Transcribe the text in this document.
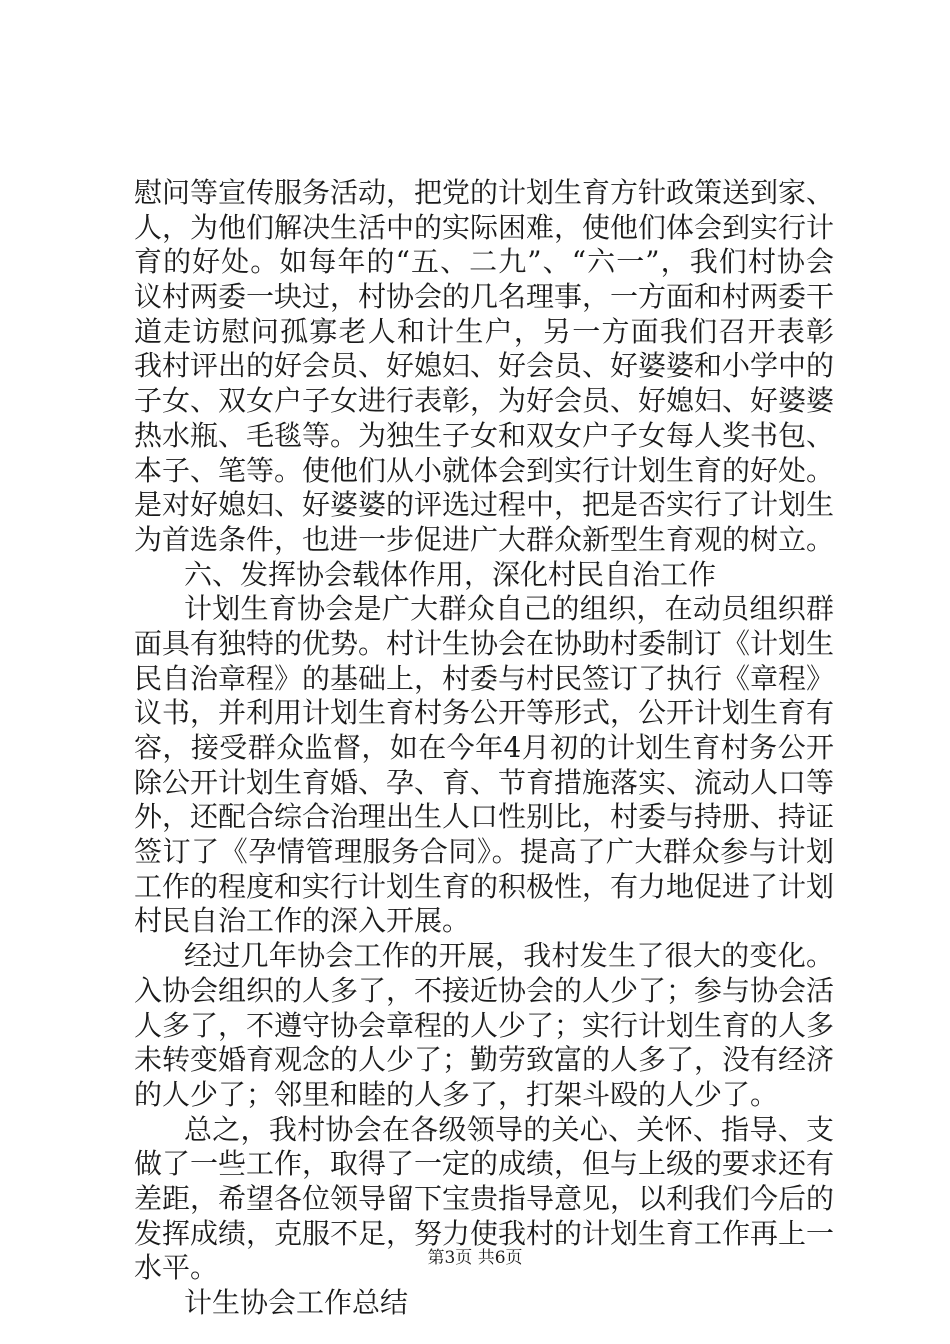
慰问等宣传服务活动，把党的计划生育方针政策送到家、
人，为他们解决生活中的实际困难，使他们体会到实行计
育的好处。如每年的“五、二九”、“六一”，我们村协会
议村两委一块过，村协会的几名理事，一方面和村两委干
道走访慰问孤寡老人和计生户，另一方面我们召开表彰
我村评出的好会员、好媳妇、好会员、好婆婆和小学中的
子女、双女户子女进行表彰，为好会员、好媳妇、好婆婆
热水瓶、毛毯等。为独生子女和双女户子女每人奖书包、
本子、笔等。使他们从小就体会到实行计划生育的好处。
是对好媳妇、好婆婆的评选过程中，把是否实行了计划生
为首选条件，也进一步促进广大群众新型生育观的树立。
六、发挥协会载体作用，深化村民自治工作
计划生育协会是广大群众自己的组织，在动员组织群
面具有独特的优势。村计生协会在协助村委制订《计划生
民自治章程》的基础上，村委与村民签订了执行《章程》
议书，并利用计划生育村务公开等形式，公开计划生育有
容，接受群众监督，如在今年4月初的计划生育村务公开
除公开计划生育婚、孕、育、节育措施落实、流动人口等
外，还配合综合治理出生人口性别比，村委与持册、持证
签订了《孕情管理服务合同》。提高了广大群众参与计划
工作的程度和实行计划生育的积极性，有力地促进了计划
村民自治工作的深入开展。
经过几年协会工作的开展，我村发生了很大的变化。
入协会组织的人多了，不接近协会的人少了；参与协会活
人多了，不遵守协会章程的人少了；实行计划生育的人多
未转变婚育观念的人少了；勤劳致富的人多了，没有经济
的人少了；邻里和睦的人多了，打架斗殴的人少了。
总之，我村协会在各级领导的关心、关怀、指导、支
做了一些工作，取得了一定的成绩，但与上级的要求还有
差距，希望各位领导留下宝贵指导意见，以利我们今后的
发挥成绩，克服不足，努力使我村的计划生育工作再上一
水平。
计生协会工作总结
第3页 共6页
